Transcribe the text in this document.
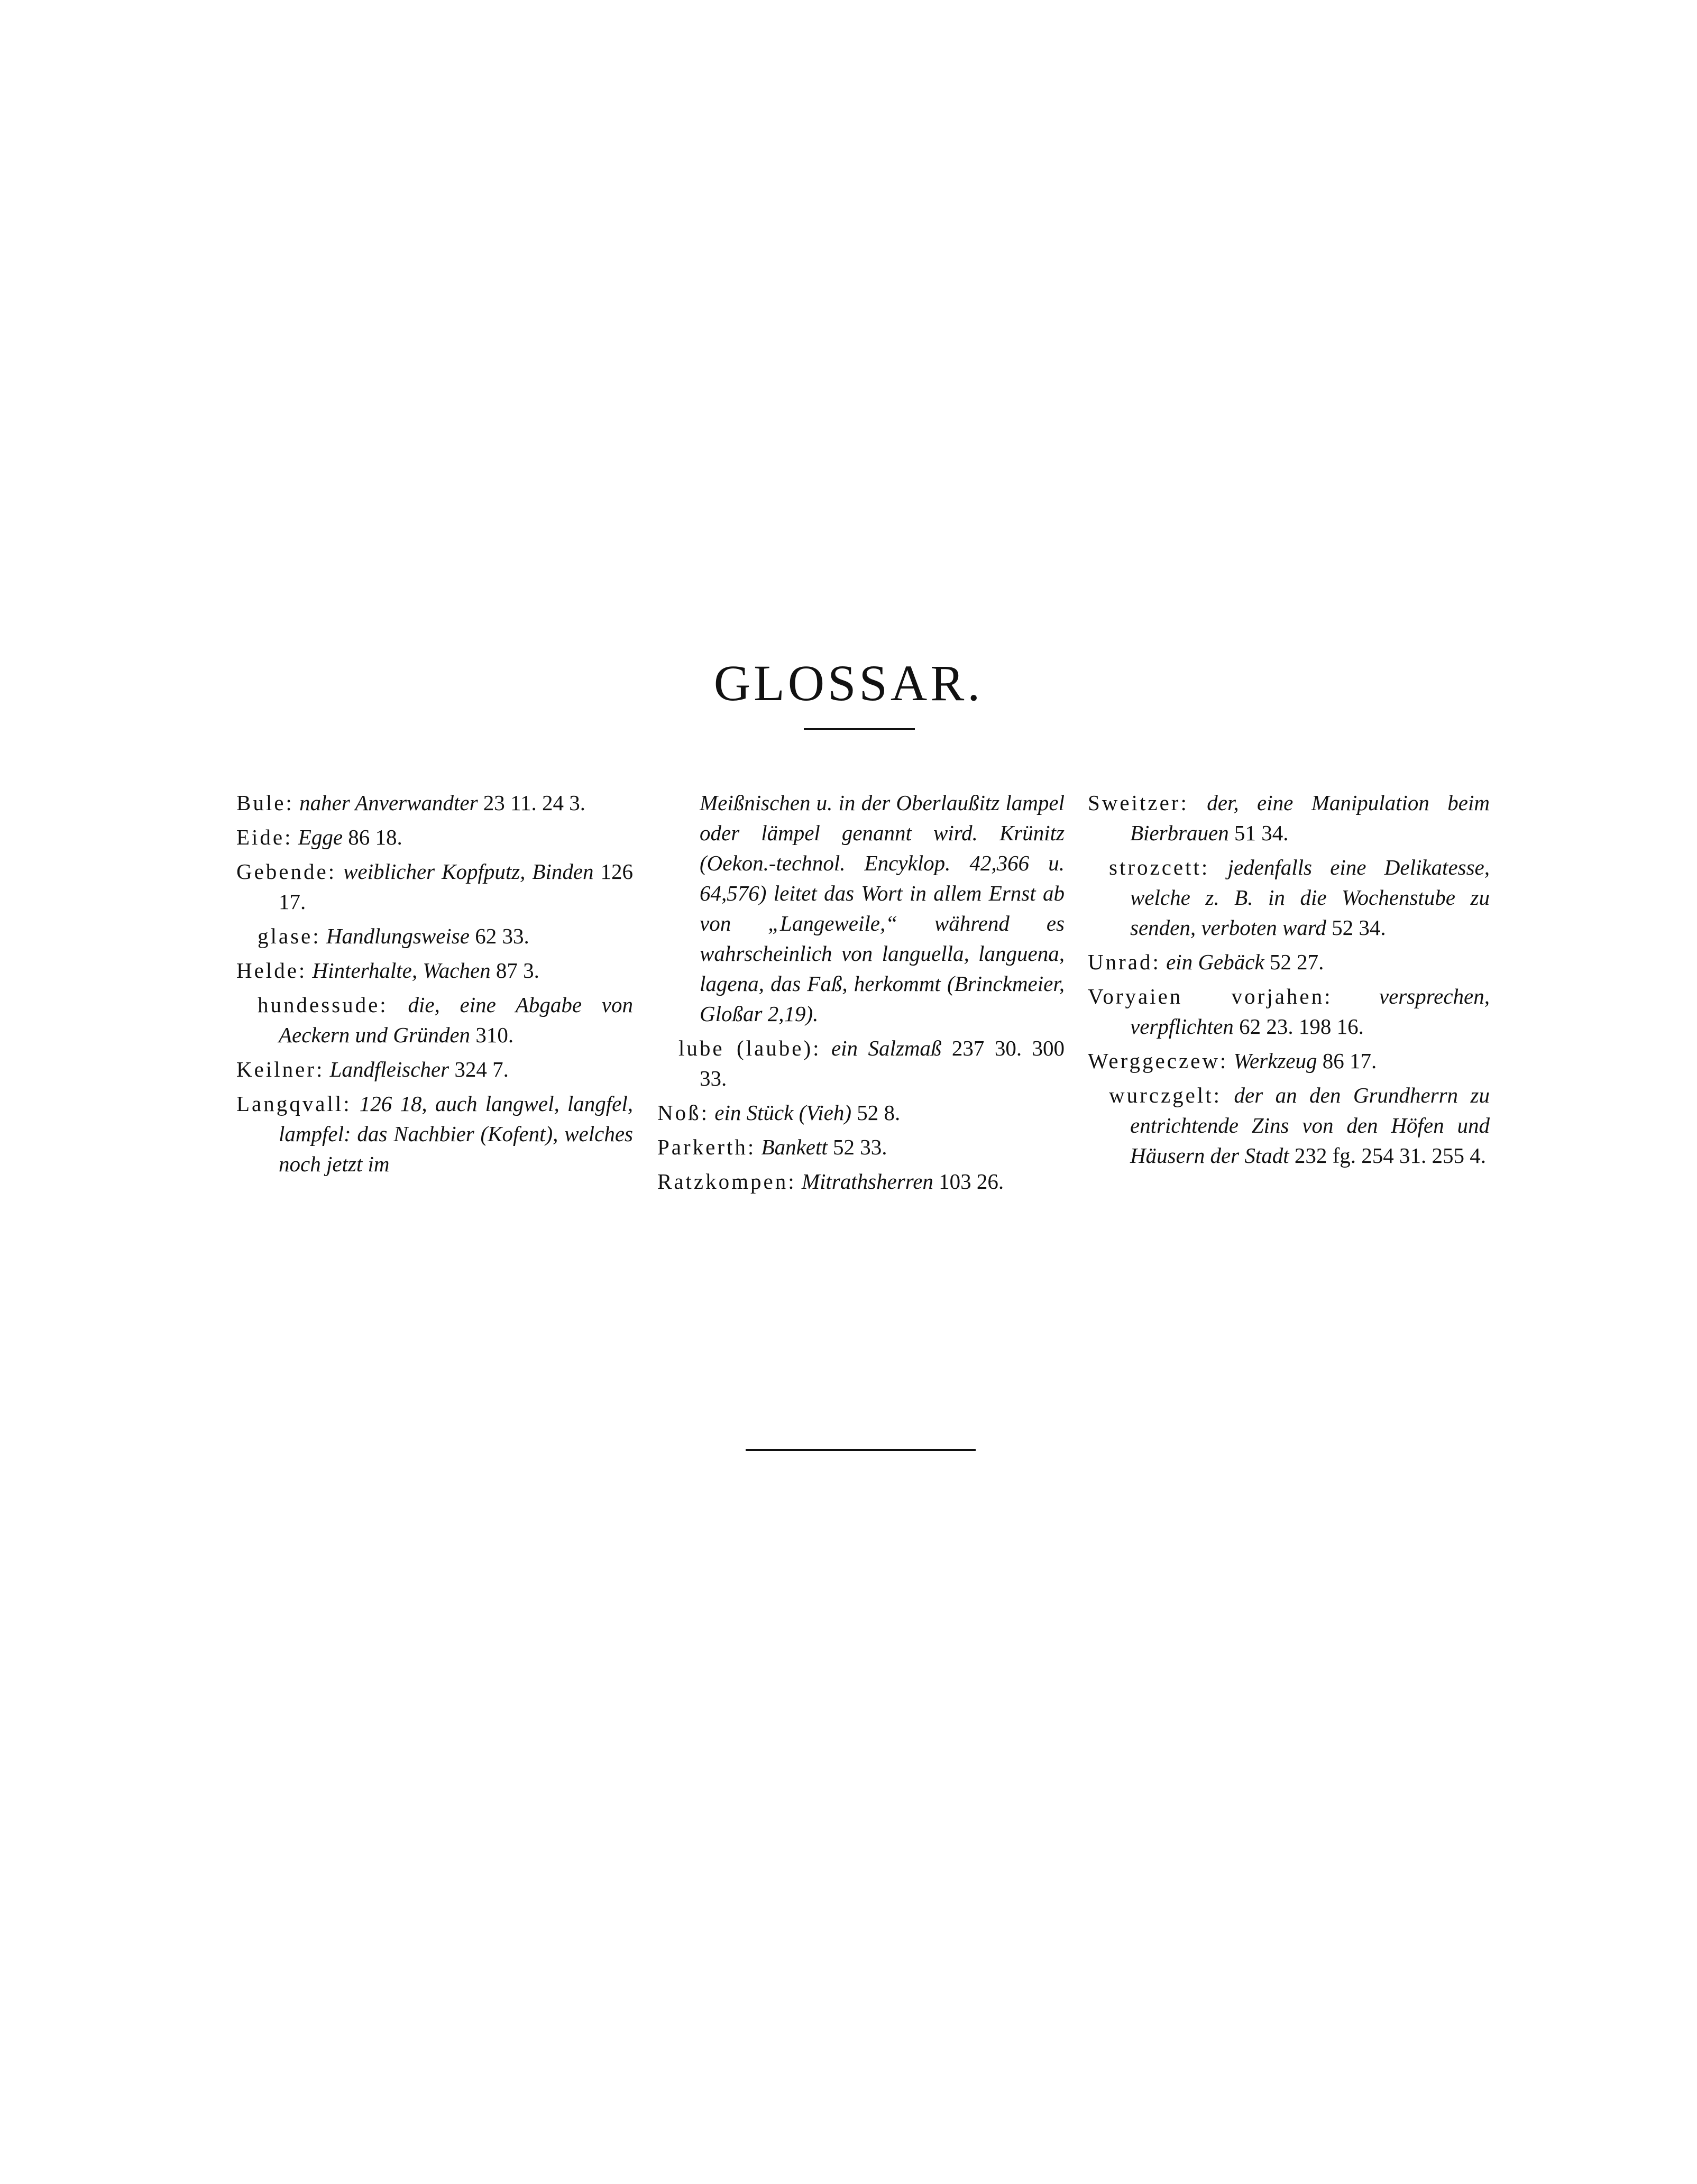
GLOSSAR.

Bule: naher Anverwandter 23 11. 24 3.

Eide: Egge 86 18.

Gebende: weiblicher Kopfputz, Binden 126 17.

glase: Handlungsweise 62 33.

Helde: Hinterhalte, Wachen 87 3.

hundessude: die, eine Abgabe von Aeckern und Gründen 310.

Keilner: Landfleischer 324 7.

Langqvall: 126 18, auch langwel, langfel, lampfel: das Nachbier (Kofent), welches noch jetzt im

Meißnischen u. in der Oberlaußitz lampel oder lämpel genannt wird. Krünitz (Oekon.-technol. Encyklop. 42,366 u. 64,576) leitet das Wort in allem Ernst ab von „Langeweile,“ während es wahrscheinlich von languella, languena, lagena, das Faß, herkommt (Brinckmeier, Gloßar 2,19).

lube (laube): ein Salzmaß 237 30. 300 33.

Noß: ein Stück (Vieh) 52 8.

Parkerth: Bankett 52 33.

Ratzkompen: Mitrathsherren 103 26.

Sweitzer: der, eine Manipulation beim Bierbrauen 51 34.

strozcett: jedenfalls eine Delikatesse, welche z. B. in die Wochenstube zu senden, verboten ward 52 34.

Unrad: ein Gebäck 52 27.

Voryaien vorjahen: versprechen, verpflichten 62 23. 198 16.

Werggeczew: Werkzeug 86 17.

wurczgelt: der an den Grundherrn zu entrichtende Zins von den Höfen und Häusern der Stadt 232 fg. 254 31. 255 4.
